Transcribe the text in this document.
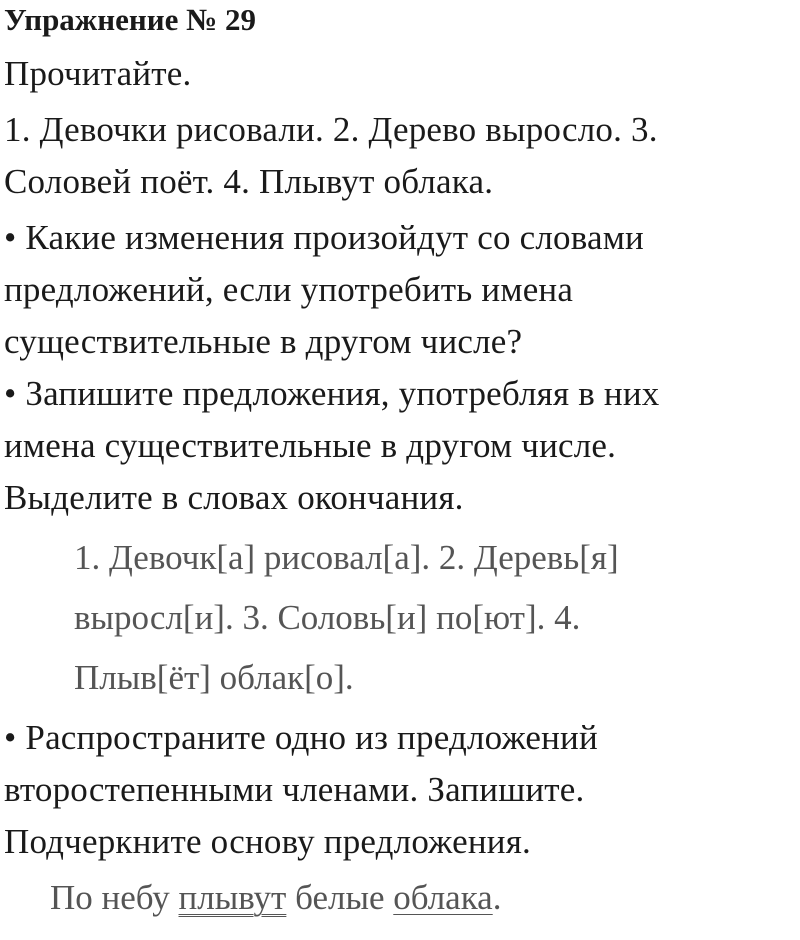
Упражнение № 29

Прочитайте.

1. Девочки рисовали. 2. Дерево выросло. 3.

Соловей поёт. 4. Плывут облака.

• Какие изменения произойдут со словами

предложений, если употребить имена

существительные в другом числе?

• Запишите предложения, употребляя в них

имена существительные в другом числе.

Выделите в словах окончания.

1. Девочк[а] рисовал[а]. 2. Деревь[я]

выросл[и]. 3. Соловь[и] по[ют]. 4.

Плыв[ёт] облак[о].

• Распространите одно из предложений

второстепенными членами. Запишите.

Подчеркните основу предложения.

По небу плывут белые облака.
